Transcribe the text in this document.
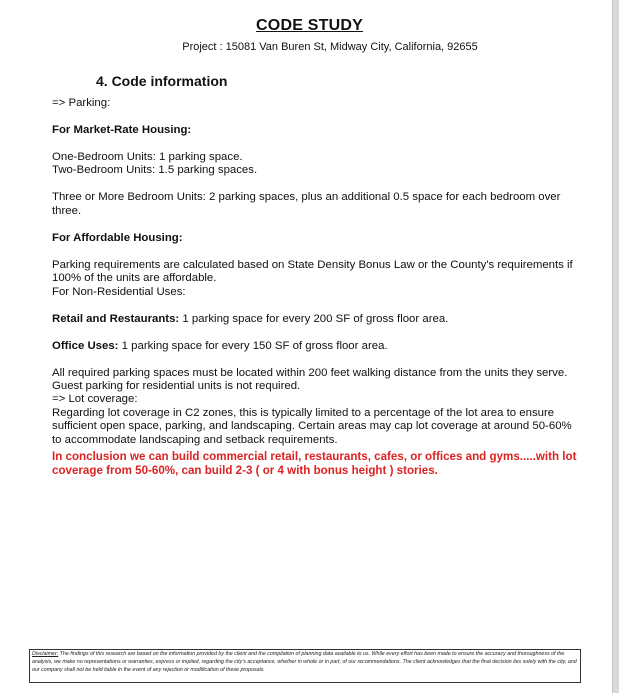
CODE STUDY
Project : 15081 Van Buren St, Midway City, California, 92655
4. Code information

=> Parking:

For Market-Rate Housing:

One-Bedroom Units: 1 parking space.

Two-Bedroom Units: 1.5 parking spaces.

Three or More Bedroom Units: 2 parking spaces, plus an additional 0.5 space for each bedroom over three.

For Affordable Housing:

Parking requirements are calculated based on State Density Bonus Law or the County's requirements if 100% of the units are affordable.

For Non-Residential Uses:

Retail and Restaurants: 1 parking space for every 200 SF of gross floor area.

Office Uses: 1 parking space for every 150 SF of gross floor area.

All required parking spaces must be located within 200 feet walking distance from the units they serve. Guest parking for residential units is not required.

=> Lot coverage:

Regarding lot coverage in C2 zones, this is typically limited to a percentage of the lot area to ensure sufficient open space, parking, and landscaping. Certain areas may cap lot coverage at around 50-60% to accommodate landscaping and setback requirements.

In conclusion we can build commercial retail, restaurants, cafes, or offices and gyms.....with lot coverage from 50-60%, can build 2-3 ( or 4 with bonus height ) stories.

Disclaimer: The findings of this research are based on the information provided by the client and the compilation of planning data available to us. While every effort has been made to ensure the accuracy and thoroughness of the analysis, we make no representations or warranties, express or implied, regarding the city's acceptance, whether in whole or in part, of our recommendations. The client acknowledges that the final decision lies solely with the city, and our company shall not be held liable in the event of any rejection or modification of these proposals.
